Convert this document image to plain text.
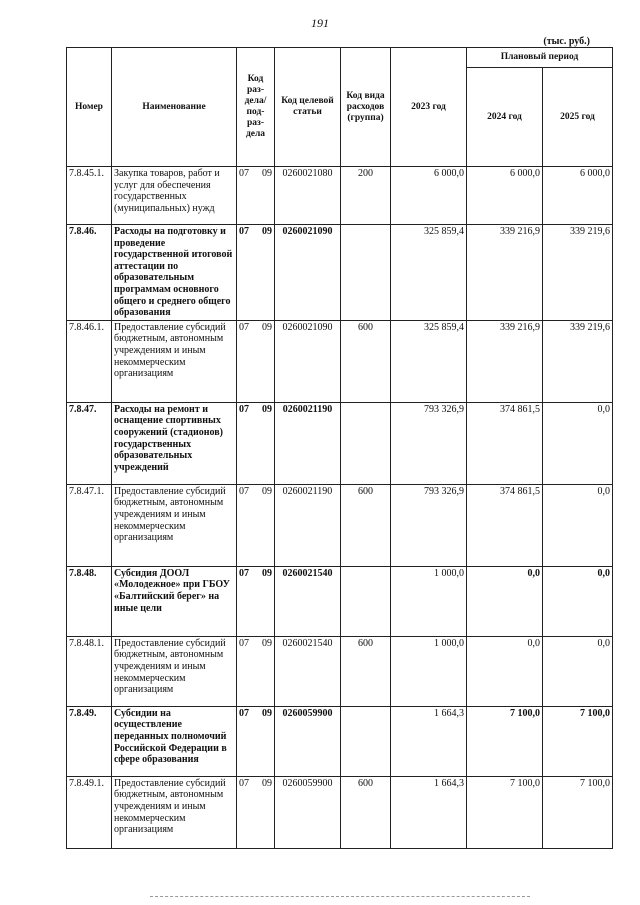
191
(тыс. руб.)
Номер	Наименование	Код раз-дела/ под-раз-дела	Код целевой статьи	Код вида расходов (группа)	2023 год	Плановый период	
						2024 год	2025 год
7.8.45.1.	Закупка товаров, работ и услуг для обеспечения государственных (муниципальных) нужд	07 09	0260021080	200	6 000,0	6 000,0	6 000,0
7.8.46.	Расходы на подготовку и проведение государственной итоговой аттестации по образовательным программам основного общего и среднего общего образования	07 09	0260021090		325 859,4	339 216,9	339 219,6
7.8.46.1.	Предоставление субсидий бюджетным, автономным учреждениям и иным некоммерческим организациям	07 09	0260021090	600	325 859,4	339 216,9	339 219,6
7.8.47.	Расходы на ремонт и оснащение спортивных сооружений (стадионов) государственных образовательных учреждений	07 09	0260021190		793 326,9	374 861,5	0,0
7.8.47.1.	Предоставление субсидий бюджетным, автономным учреждениям и иным некоммерческим организациям	07 09	0260021190	600	793 326,9	374 861,5	0,0
7.8.48.	Субсидия ДООЛ «Молодежное» при ГБОУ «Балтийский берег» на иные цели	07 09	0260021540		1 000,0	0,0	0,0
7.8.48.1.	Предоставление субсидий бюджетным, автономным учреждениям и иным некоммерческим организациям	07 09	0260021540	600	1 000,0	0,0	0,0
7.8.49.	Субсидии на осуществление переданных полномочий Российской Федерации в сфере образования	07 09	0260059900		1 664,3	7 100,0	7 100,0
7.8.49.1.	Предоставление субсидий бюджетным, автономным учреждениям и иным некоммерческим организациям	07 09	0260059900	600	1 664,3	7 100,0	7 100,0
